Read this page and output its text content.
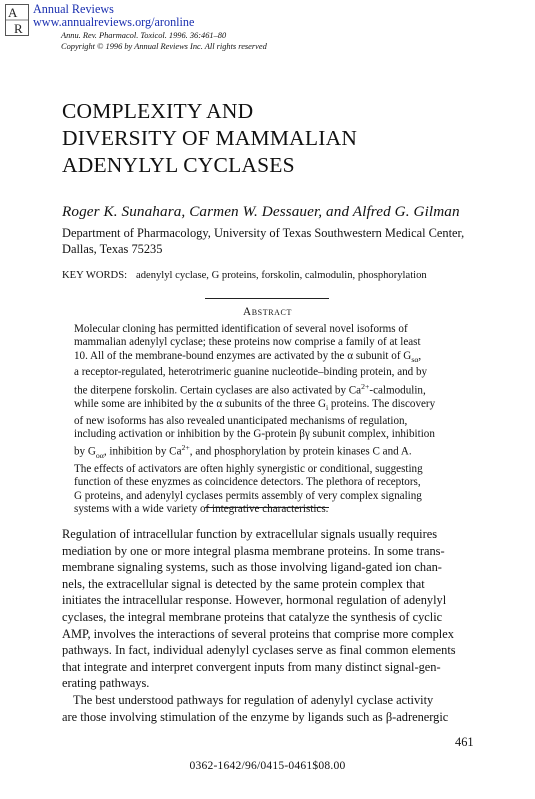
A
R
Annual Reviews
www.annualreviews.org/aronline
Annu. Rev. Pharmacol. Toxicol. 1996. 36:461–80
Copyright © 1996 by Annual Reviews Inc. All rights reserved
COMPLEXITY AND
DIVERSITY OF MAMMALIAN
ADENYLYL CYCLASES
Roger K. Sunahara, Carmen W. Dessauer, and Alfred G. Gilman
Department of Pharmacology, University of Texas Southwestern Medical Center,
Dallas, Texas 75235
KEY WORDS: adenylyl cyclase, G proteins, forskolin, calmodulin, phosphorylation
Abstract
Molecular cloning has permitted identification of several novel isoforms of
mammalian adenylyl cyclase; these proteins now comprise a family of at least
10. All of the membrane-bound enzymes are activated by the α subunit of $G_{s\alpha}$,
a receptor-regulated, heterotrimeric guanine nucleotide–binding protein, and by
the diterpene forskolin. Certain cyclases are also activated by $Ca^{2+}$-calmodulin,
while some are inhibited by the α subunits of the three $G_i$ proteins. The discovery
of new isoforms has also revealed unanticipated mechanisms of regulation,
including activation or inhibition by the G-protein βγ subunit complex, inhibition
by $G_{o\alpha}$, inhibition by $Ca^{2+}$, and phosphorylation by protein kinases C and A.
The effects of activators are often highly synergistic or conditional, suggesting
function of these enyzmes as coincidence detectors. The plethora of receptors,
G proteins, and adenylyl cyclases permits assembly of very complex signaling
systems with a wide variety of integrative characteristics.
Regulation of intracellular function by extracellular signals usually requires
mediation by one or more integral plasma membrane proteins. In some trans-
membrane signaling systems, such as those involving ligand-gated ion chan-
nels, the extracellular signal is detected by the same protein complex that
initiates the intracellular response. However, hormonal regulation of adenylyl
cyclases, the integral membrane proteins that catalyze the synthesis of cyclic
AMP, involves the interactions of several proteins that comprise more complex
pathways. In fact, individual adenylyl cyclases serve as final common elements
that integrate and interpret convergent inputs from many distinct signal-gen-
erating pathways.
The best understood pathways for regulation of adenylyl cyclase activity
are those involving stimulation of the enzyme by ligands such as β-adrenergic
461
0362-1642/96/0415-0461$08.00
